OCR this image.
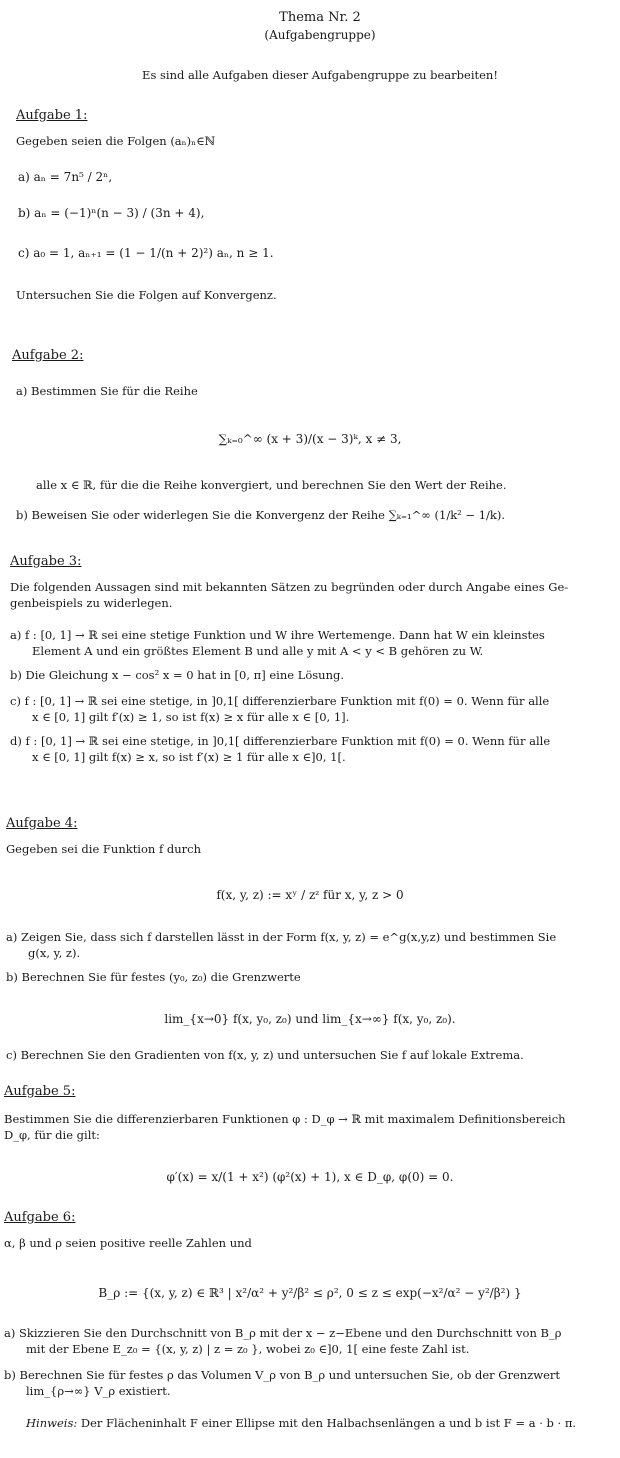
Thema Nr. 2
(Aufgabengruppe)
Es sind alle Aufgaben dieser Aufgabengruppe zu bearbeiten!
Aufgabe 1:
Gegeben seien die Folgen (aₙ)ₙ∈ℕ
a) aₙ = 7n⁵ / 2ⁿ,
b) aₙ = (−1)ⁿ(n − 3) / (3n + 4),
c) a₀ = 1, aₙ₊₁ = (1 − 1/(n + 2)²) aₙ, n ≥ 1.
Untersuchen Sie die Folgen auf Konvergenz.
Aufgabe 2:
a) Bestimmen Sie für die Reihe
∑ₖ₌₀^∞ (x + 3)/(x − 3)ᵏ, x ≠ 3,
alle x ∈ ℝ, für die die Reihe konvergiert, und berechnen Sie den Wert der Reihe.
b) Beweisen Sie oder widerlegen Sie die Konvergenz der Reihe ∑ₖ₌₁^∞ (1/k² − 1/k).
Aufgabe 3:
Die folgenden Aussagen sind mit bekannten Sätzen zu begründen oder durch Angabe eines Ge-
genbeispiels zu widerlegen.
a) f : [0, 1] → ℝ sei eine stetige Funktion und W ihre Wertemenge. Dann hat W ein kleinstes
Element A und ein größtes Element B und alle y mit A < y < B gehören zu W.
b) Die Gleichung x − cos² x = 0 hat in [0, π] eine Lösung.
c) f : [0, 1] → ℝ sei eine stetige, in ]0,1[ differenzierbare Funktion mit f(0) = 0. Wenn für alle
x ∈ [0, 1] gilt f′(x) ≥ 1, so ist f(x) ≥ x für alle x ∈ [0, 1].
d) f : [0, 1] → ℝ sei eine stetige, in ]0,1[ differenzierbare Funktion mit f(0) = 0. Wenn für alle
x ∈ [0, 1] gilt f(x) ≥ x, so ist f′(x) ≥ 1 für alle x ∈]0, 1[.
Aufgabe 4:
Gegeben sei die Funktion f durch
f(x, y, z) := xʸ / zᶻ für x, y, z > 0
a) Zeigen Sie, dass sich f darstellen lässt in der Form f(x, y, z) = e^g(x,y,z) und bestimmen Sie
g(x, y, z).
b) Berechnen Sie für festes (y₀, z₀) die Grenzwerte
lim_{x→0} f(x, y₀, z₀) und lim_{x→∞} f(x, y₀, z₀).
c) Berechnen Sie den Gradienten von f(x, y, z) und untersuchen Sie f auf lokale Extrema.
Aufgabe 5:
Bestimmen Sie die differenzierbaren Funktionen φ : D_φ → ℝ mit maximalem Definitionsbereich
D_φ, für die gilt:
φ′(x) = x/(1 + x²) (φ²(x) + 1), x ∈ D_φ, φ(0) = 0.
Aufgabe 6:
α, β und ρ seien positive reelle Zahlen und
B_ρ := {(x, y, z) ∈ ℝ³ | x²/α² + y²/β² ≤ ρ², 0 ≤ z ≤ exp(−x²/α² − y²/β²) }
a) Skizzieren Sie den Durchschnitt von B_ρ mit der x − z−Ebene und den Durchschnitt von B_ρ
mit der Ebene E_z₀ = {(x, y, z) | z = z₀ }, wobei z₀ ∈]0, 1[ eine feste Zahl ist.
b) Berechnen Sie für festes ρ das Volumen V_ρ von B_ρ und untersuchen Sie, ob der Grenzwert
lim_{ρ→∞} V_ρ existiert.
Hinweis: Der Flächeninhalt F einer Ellipse mit den Halbachsenlängen a und b ist F = a · b · π.
